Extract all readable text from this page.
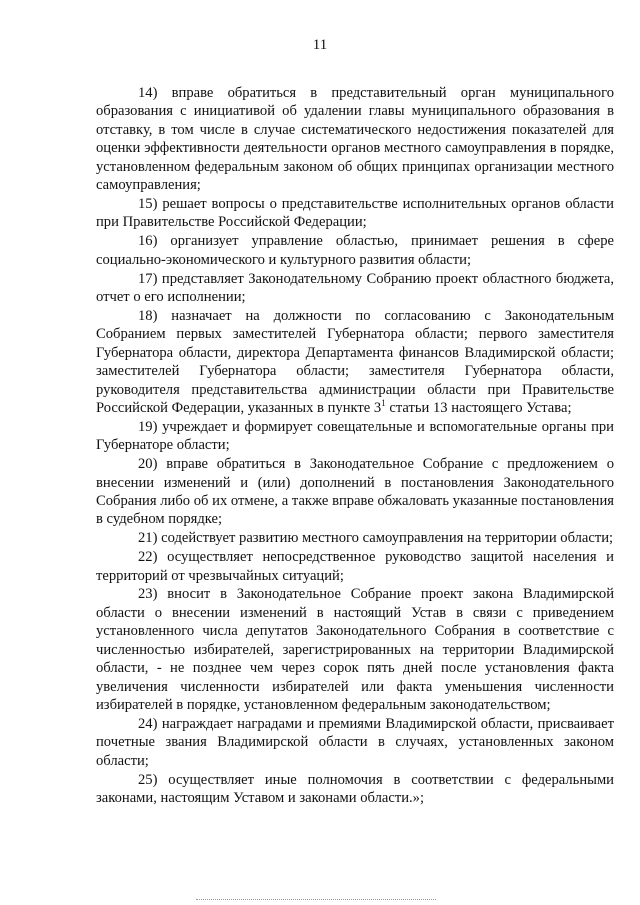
11

14) вправе обратиться в представительный орган муниципального образования с инициативой об удалении главы муниципального образования в отставку, в том числе в случае систематического недостижения показателей для оценки эффективности деятельности органов местного самоуправления в порядке, установленном федеральным законом об общих принципах организации местного самоуправления;

15) решает вопросы о представительстве исполнительных органов области при Правительстве Российской Федерации;

16) организует управление областью, принимает решения в сфере социально-экономического и культурного развития области;

17) представляет Законодательному Собранию проект областного бюджета, отчет о его исполнении;

18) назначает на должности по согласованию с Законодательным Собранием первых заместителей Губернатора области; первого заместителя Губернатора области, директора Департамента финансов Владимирской области; заместителей Губернатора области; заместителя Губернатора области, руководителя представительства администрации области при Правительстве Российской Федерации, указанных в пункте $3^1$ статьи 13 настоящего Устава;

19) учреждает и формирует совещательные и вспомогательные органы при Губернаторе области;

20) вправе обратиться в Законодательное Собрание с предложением о внесении изменений и (или) дополнений в постановления Законодательного Собрания либо об их отмене, а также вправе обжаловать указанные постановления в судебном порядке;

21) содействует развитию местного самоуправления на территории области;

22) осуществляет непосредственное руководство защитой населения и территорий от чрезвычайных ситуаций;

23) вносит в Законодательное Собрание проект закона Владимирской области о внесении изменений в настоящий Устав в связи с приведением установленного числа депутатов Законодательного Собрания в соответствие с численностью избирателей, зарегистрированных на территории Владимирской области, - не позднее чем через сорок пять дней после установления факта увеличения численности избирателей или факта уменьшения численности избирателей в порядке, установленном федеральным законодательством;

24) награждает наградами и премиями Владимирской области, присваивает почетные звания Владимирской области в случаях, установленных законом области;

25) осуществляет иные полномочия в соответствии с федеральными законами, настоящим Уставом и законами области.»;
